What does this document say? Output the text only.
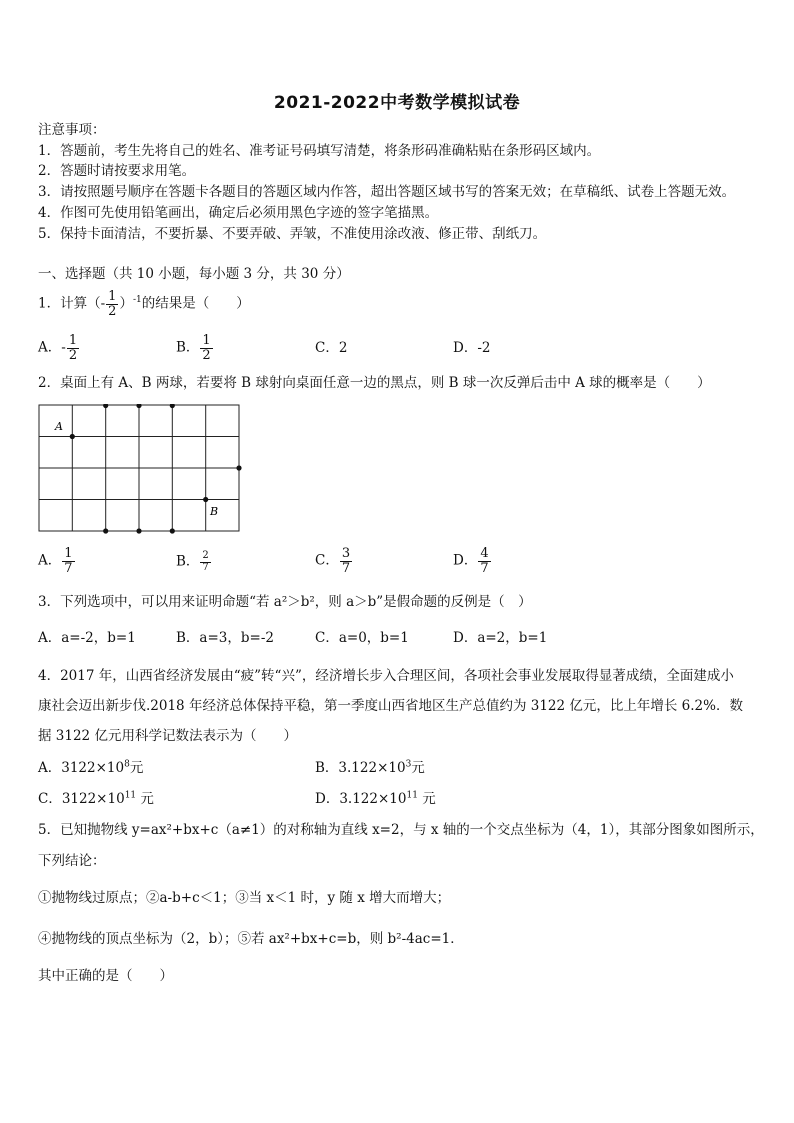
2021-2022中考数学模拟试卷
注意事项：
1．答题前，考生先将自己的姓名、准考证号码填写清楚，将条形码准确粘贴在条形码区域内。
2．答题时请按要求用笔。
3．请按照题号顺序在答题卡各题目的答题区域内作答，超出答题区域书写的答案无效；在草稿纸、试卷上答题无效。
4．作图可先使用铅笔画出，确定后必须用黑色字迹的签字笔描黑。
5．保持卡面清洁，不要折暴、不要弄破、弄皱，不准使用涂改液、修正带、刮纸刀。
一、选择题（共 10 小题，每小题 3 分，共 30 分）
1．计算（- $\frac{1}{2} )^{-1}$的结果是（　　）
A．- $\frac{1}{2}$	B． $\frac{1}{2}$	C．2	D．-2
2．桌面上有 A、B 两球，若要将 B 球射向桌面任意一边的黑点，则 B 球一次反弹后击中 A 球的概率是（　　）
A
B
A． $\frac{1}{7}$	B． $\frac{2}{7}$	C． $\frac{3}{7}$	D． $\frac{4}{7}$
3．下列选项中，可以用来证明命题“若 a²＞b²，则 a＞b”是假命题的反例是（　）
A．a=-2，b=1	B．a=3，b=-2	C．a=0，b=1	D．a=2，b=1
4．2017 年，山西省经济发展由“疲”转“兴”，经济增长步入合理区间，各项社会事业发展取得显著成绩，全面建成小
康社会迈出新步伐.2018 年经济总体保持平稳，第一季度山西省地区生产总值约为 3122 亿元，比上年增长 6.2%．数
据 3122 亿元用科学记数法表示为（　　）
A．$3122\times 10^8$元	B．$3.122\times 10^3$元
C．$3122\times 10^{11}$ 元	D．$3.122\times 10^{11}$ 元
5．已知抛物线 y=ax²+bx+c（a≠1）的对称轴为直线 x=2，与 x 轴的一个交点坐标为（4，1），其部分图象如图所示，
下列结论：
①抛物线过原点；②a-b+c＜1；③当 x＜1 时，y 随 x 增大而增大；
④抛物线的顶点坐标为（2，b）；⑤若 ax²+bx+c=b，则 b²-4ac=1．
其中正确的是（　　）
